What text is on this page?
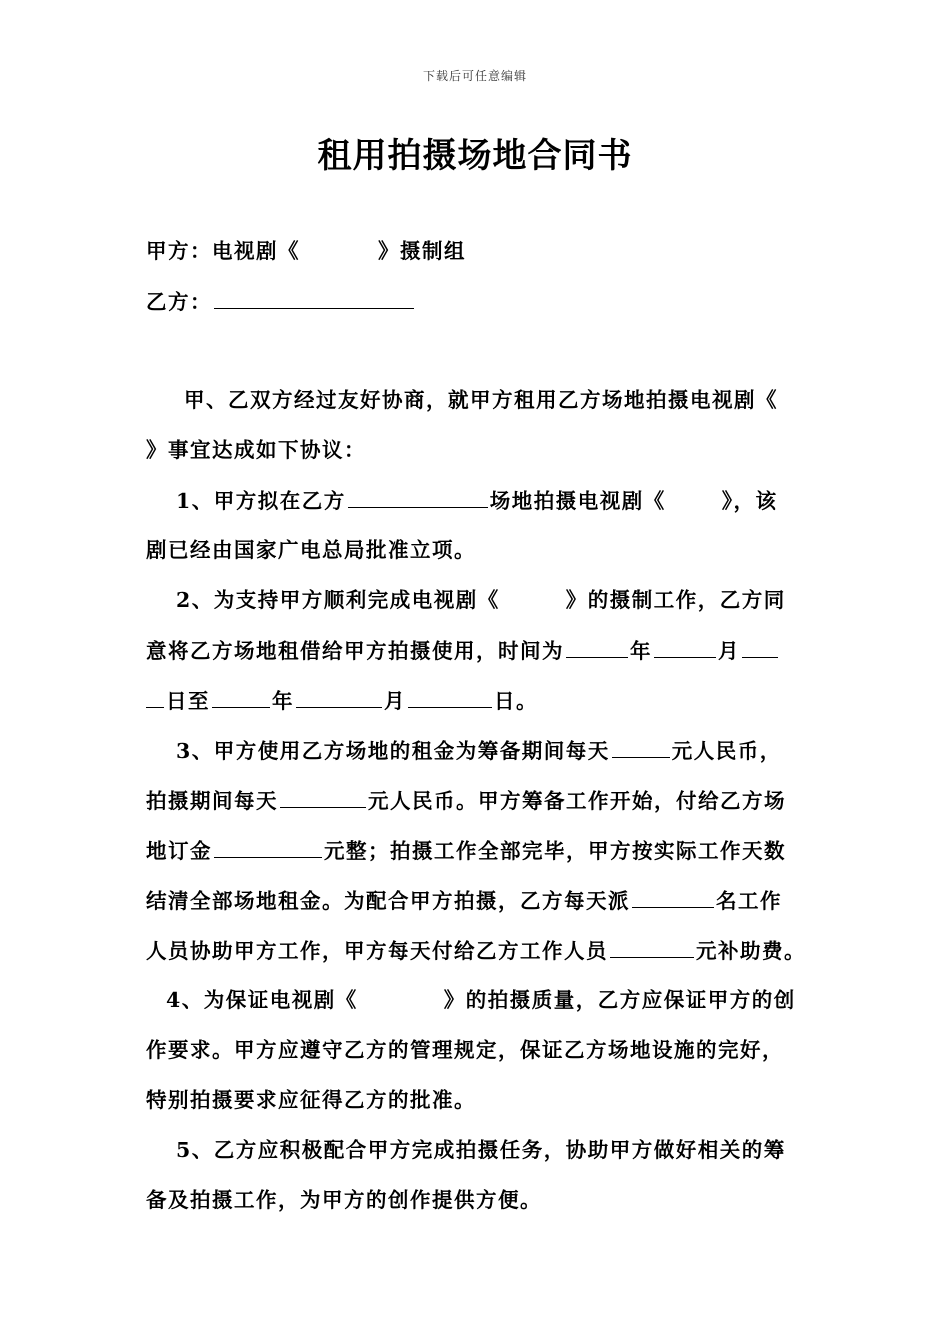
下载后可任意编辑
租用拍摄场地合同书
甲方：电视剧《	》摄制组
乙方：
甲、乙双方经过友好协商，就甲方租用乙方场地拍摄电视剧《
》事宜达成如下协议：
1、甲方拟在乙方	场地拍摄电视剧《	》，该
剧已经由国家广电总局批准立项。
2、为支持甲方顺利完成电视剧《	》的摄制工作，乙方同
意将乙方场地租借给甲方拍摄使用，时间为	年	月
日至	年	月	日。
3、甲方使用乙方场地的租金为筹备期间每天	元人民币，
拍摄期间每天	元人民币。甲方筹备工作开始，付给乙方场
地订金	元整；拍摄工作全部完毕，甲方按实际工作天数
结清全部场地租金。为配合甲方拍摄，乙方每天派	名工作
人员协助甲方工作，甲方每天付给乙方工作人员	元补助费。
4、为保证电视剧《	》的拍摄质量，乙方应保证甲方的创
作要求。甲方应遵守乙方的管理规定，保证乙方场地设施的完好，
特别拍摄要求应征得乙方的批准。
5、乙方应积极配合甲方完成拍摄任务，协助甲方做好相关的筹
备及拍摄工作，为甲方的创作提供方便。
